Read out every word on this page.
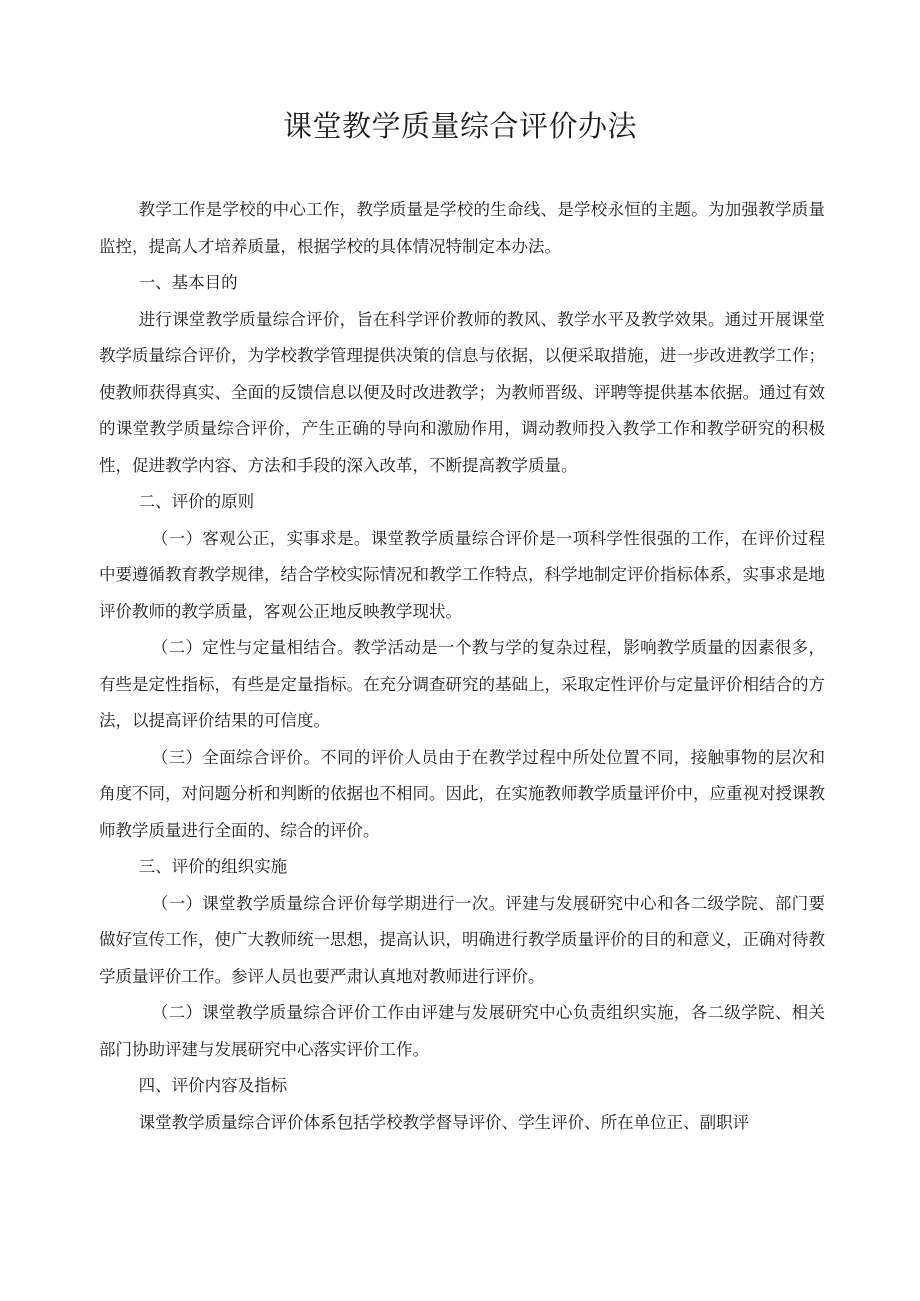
课堂教学质量综合评价办法

教学工作是学校的中心工作，教学质量是学校的生命线、是学校永恒的主题。为加强教学质量监控，提高人才培养质量，根据学校的具体情况特制定本办法。

一、基本目的

进行课堂教学质量综合评价，旨在科学评价教师的教风、教学水平及教学效果。通过开展课堂教学质量综合评价，为学校教学管理提供决策的信息与依据，以便采取措施，进一步改进教学工作；使教师获得真实、全面的反馈信息以便及时改进教学；为教师晋级、评聘等提供基本依据。通过有效的课堂教学质量综合评价，产生正确的导向和激励作用，调动教师投入教学工作和教学研究的积极性，促进教学内容、方法和手段的深入改革，不断提高教学质量。

二、评价的原则

（一）客观公正，实事求是。课堂教学质量综合评价是一项科学性很强的工作，在评价过程中要遵循教育教学规律，结合学校实际情况和教学工作特点，科学地制定评价指标体系，实事求是地评价教师的教学质量，客观公正地反映教学现状。

（二）定性与定量相结合。教学活动是一个教与学的复杂过程，影响教学质量的因素很多，有些是定性指标，有些是定量指标。在充分调查研究的基础上，采取定性评价与定量评价相结合的方法，以提高评价结果的可信度。

（三）全面综合评价。不同的评价人员由于在教学过程中所处位置不同，接触事物的层次和角度不同，对问题分析和判断的依据也不相同。因此，在实施教师教学质量评价中，应重视对授课教师教学质量进行全面的、综合的评价。

三、评价的组织实施

（一）课堂教学质量综合评价每学期进行一次。评建与发展研究中心和各二级学院、部门要做好宣传工作，使广大教师统一思想，提高认识，明确进行教学质量评价的目的和意义，正确对待教学质量评价工作。参评人员也要严肃认真地对教师进行评价。

（二）课堂教学质量综合评价工作由评建与发展研究中心负责组织实施，各二级学院、相关部门协助评建与发展研究中心落实评价工作。

四、评价内容及指标

课堂教学质量综合评价体系包括学校教学督导评价、学生评价、所在单位正、副职评
